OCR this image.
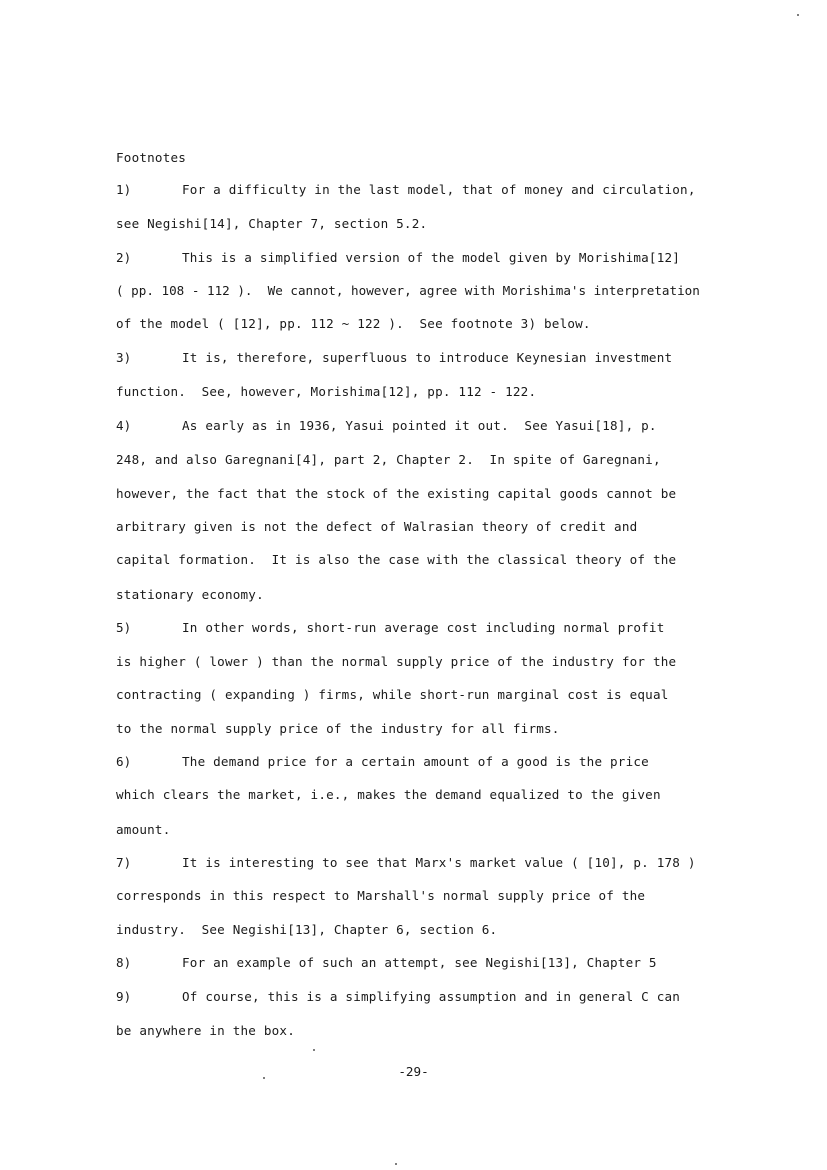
Footnotes
1)	For a difficulty in the last model, that of money and circulation,
see Negishi[14], Chapter 7, section 5.2.
2)	This is a simplified version of the model given by Morishima[12]
( pp. 108 - 112 ).  We cannot, however, agree with Morishima's interpretation
of the model ( [12], pp. 112 ~ 122 ).  See footnote 3) below.
3)	It is, therefore, superfluous to introduce Keynesian investment
function.  See, however, Morishima[12], pp. 112 - 122.
4)	As early as in 1936, Yasui pointed it out.  See Yasui[18], p.
248, and also Garegnani[4], part 2, Chapter 2.  In spite of Garegnani,
however, the fact that the stock of the existing capital goods cannot be
arbitrary given is not the defect of Walrasian theory of credit and
capital formation.  It is also the case with the classical theory of the
stationary economy.
5)	In other words, short-run average cost including normal profit
is higher ( lower ) than the normal supply price of the industry for the
contracting ( expanding ) firms, while short-run marginal cost is equal
to the normal supply price of the industry for all firms.
6)	The demand price for a certain amount of a good is the price
which clears the market, i.e., makes the demand equalized to the given
amount.
7)	It is interesting to see that Marx's market value ( [10], p. 178 )
corresponds in this respect to Marshall's normal supply price of the
industry.  See Negishi[13], Chapter 6, section 6.
8)	For an example of such an attempt, see Negishi[13], Chapter 5
9)	Of course, this is a simplifying assumption and in general C can
be anywhere in the box.
-29-
